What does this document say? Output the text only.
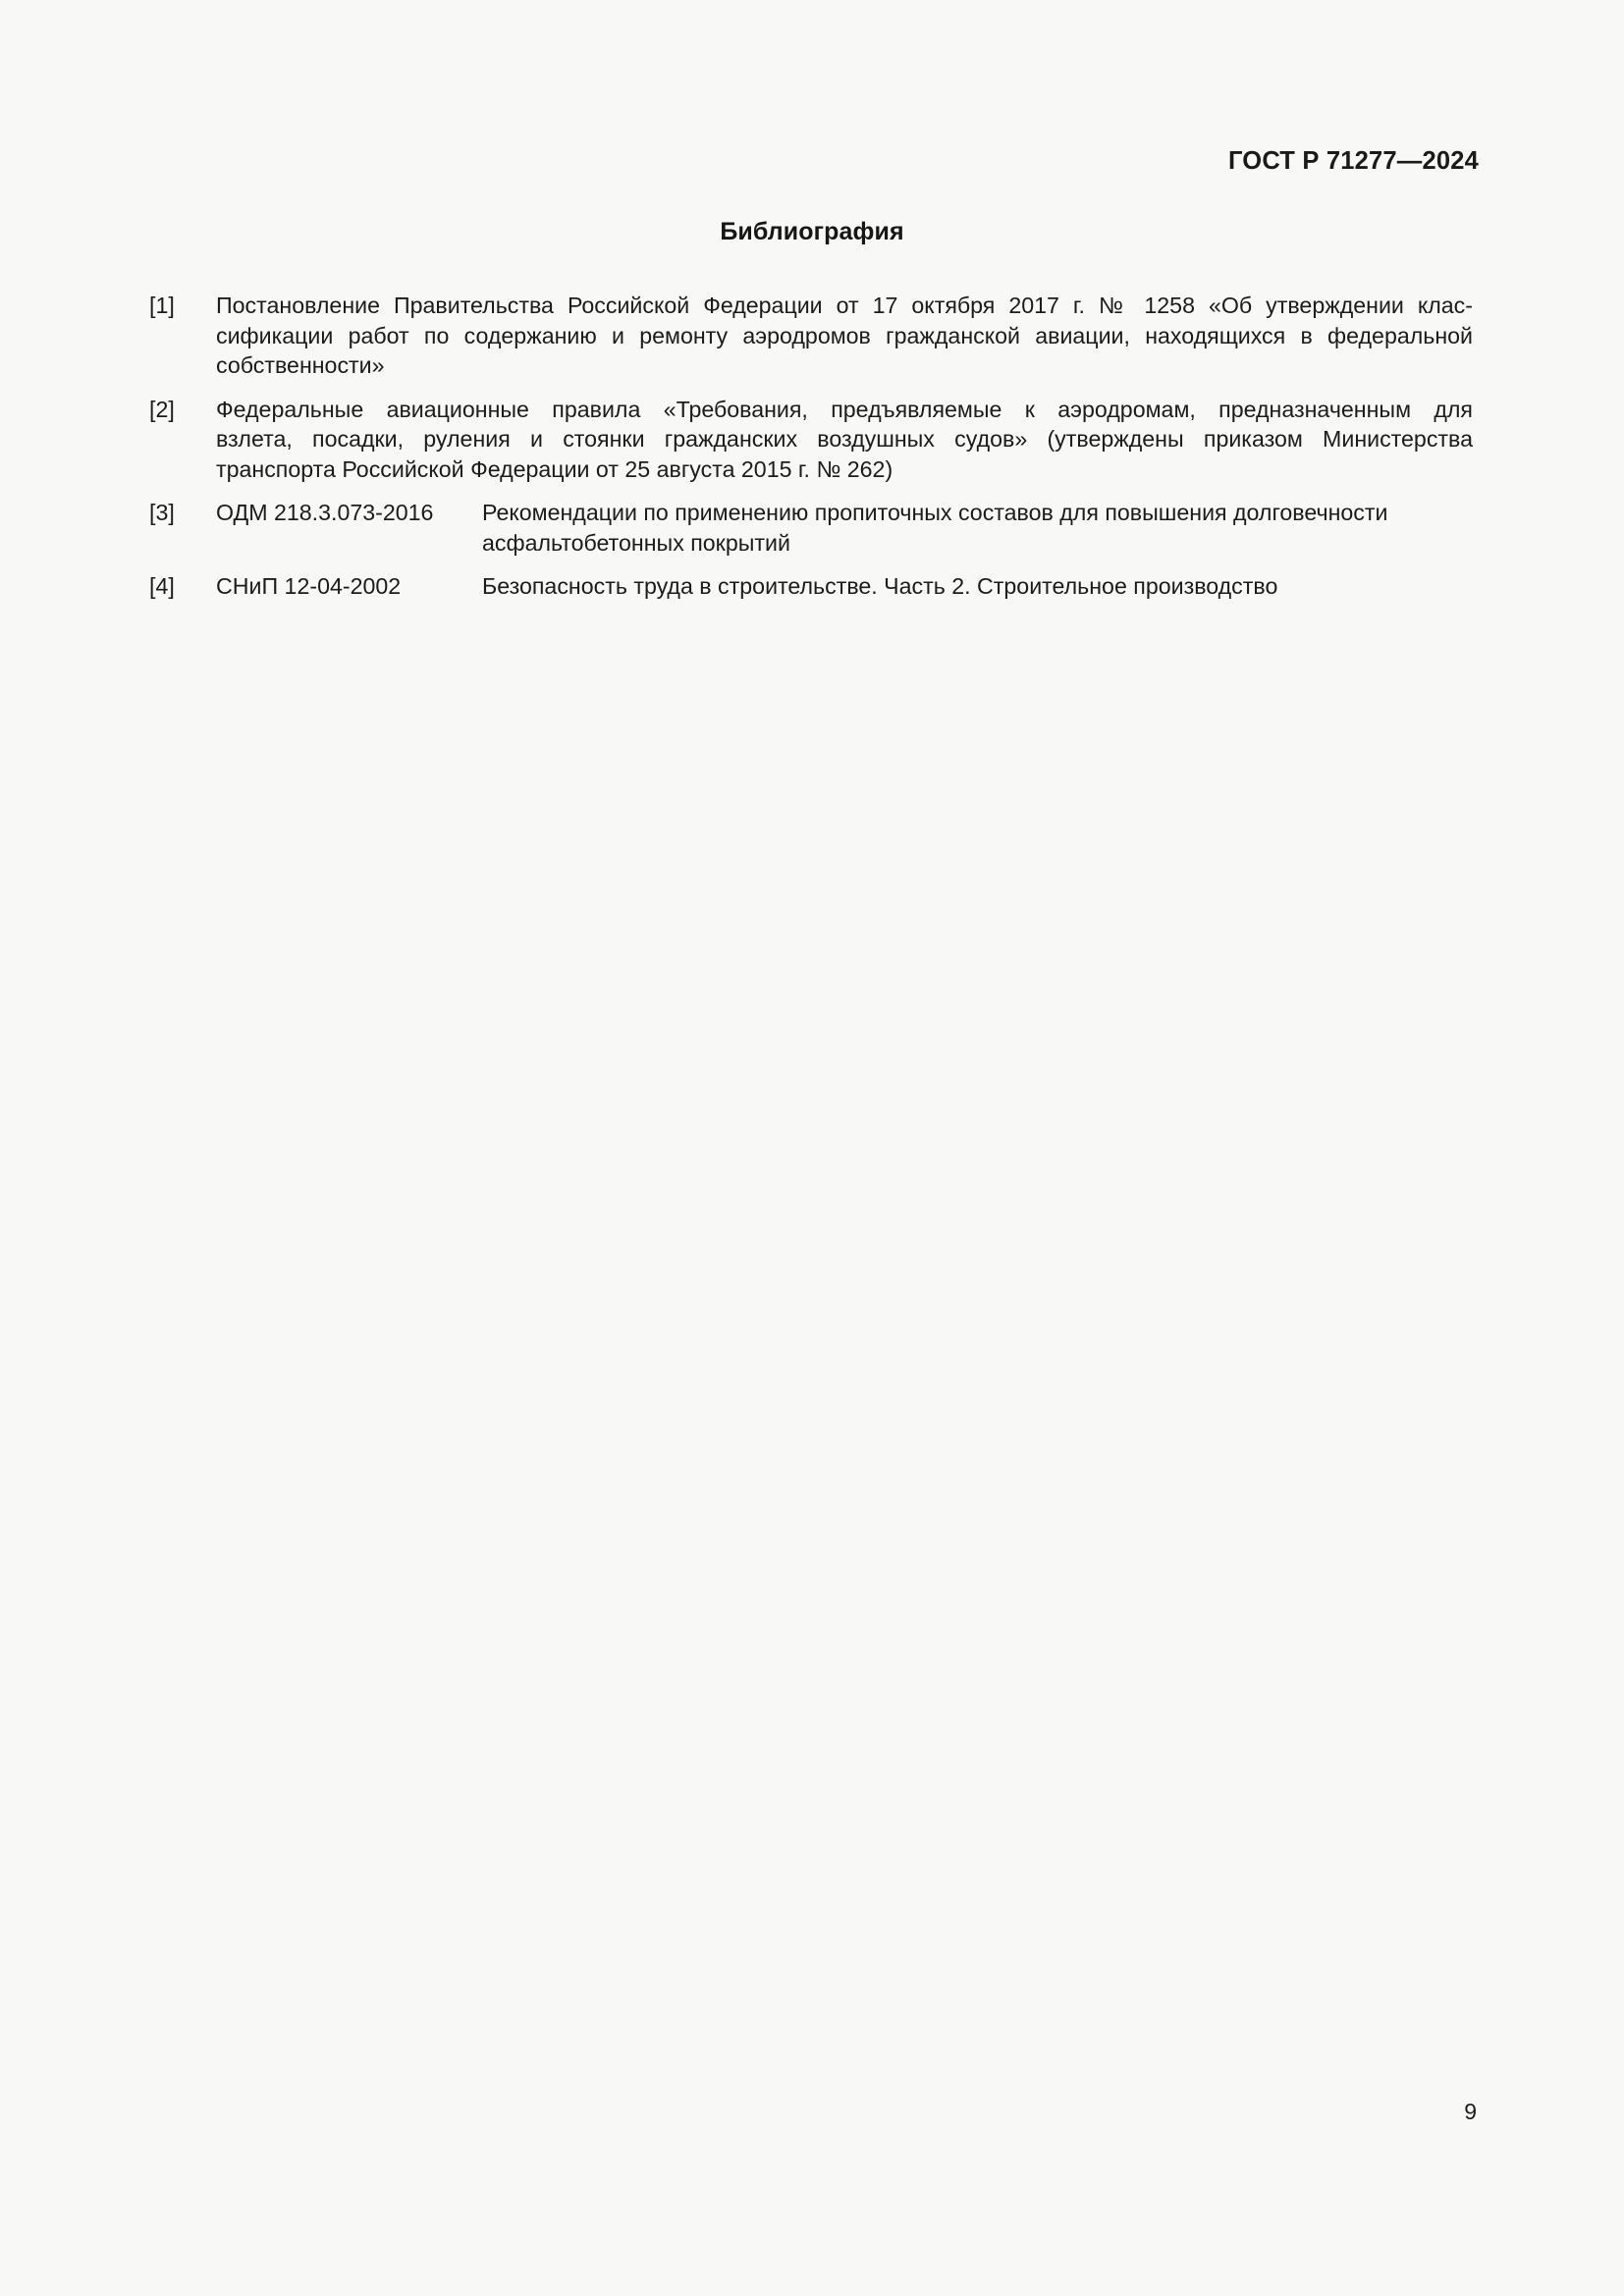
ГОСТ Р 71277—2024
Библиография
[1]	Постановление Правительства Российской Федерации от 17 октября 2017 г. № 1258 «Об утверждении клас-
сификации работ по содержанию и ремонту аэродромов гражданской авиации, находящихся в федеральной
собственности»
[2]	Федеральные авиационные правила «Требования, предъявляемые к аэродромам, предназначенным для
взлета, посадки, руления и стоянки гражданских воздушных судов» (утверждены приказом Министерства
транспорта Российской Федерации от 25 августа 2015 г. № 262)
[3]	ОДМ 218.3.073-2016	Рекомендации по применению пропиточных составов для повышения долговечности
асфальтобетонных покрытий
[4]	СНиП 12-04-2002	Безопасность труда в строительстве. Часть 2. Строительное производство
9
